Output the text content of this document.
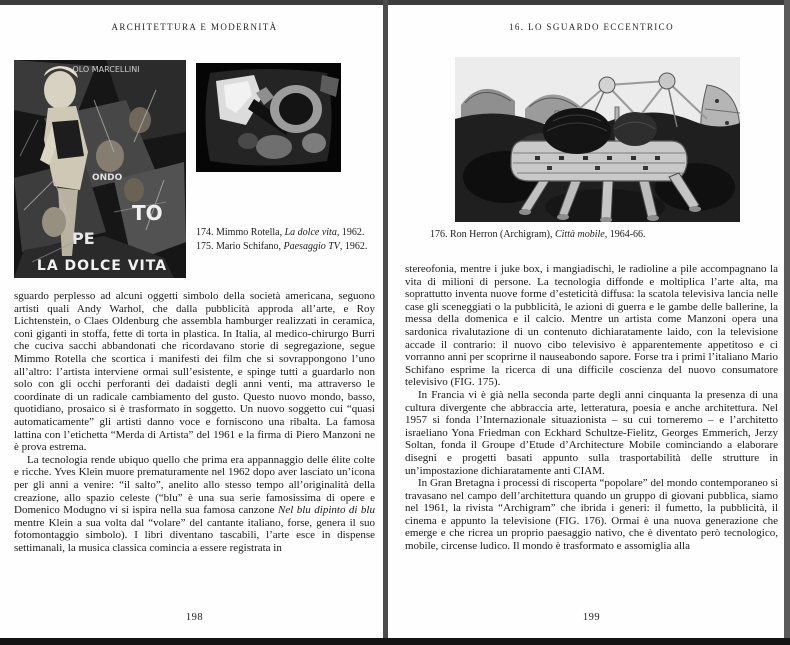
ARCHITETTURA E MODERNITÀ
OLO MARCELLINI
ONDO
TO
PE
LA DOLCE VITA

174. Mimmo Rotella, La dolce vita, 1962.

175. Mario Schifano, Paesaggio TV, 1962.

sguardo perplesso ad alcuni oggetti simbolo della società americana, seguono artisti quali Andy Warhol, che dalla pubblicità approda all’arte, e Roy Lichtenstein, o Claes Oldenburg che assembla hamburger realizzati in ceramica, coni giganti in stoffa, fette di torta in plastica. In Italia, al medico-chirurgo Burri che cuciva sacchi abbandonati che ricordavano storie di segregazione, segue Mimmo Rotella che scortica i manifesti dei film che si sovrappongono l’uno all’altro: l’artista interviene ormai sull’esistente, e spinge tutti a guardarlo non solo con gli occhi perforanti dei dadaisti degli anni venti, ma attraverso le coordinate di un radicale cambiamento del gusto. Questo nuovo mondo, basso, quotidiano, prosaico si è trasformato in soggetto. Un nuovo soggetto cui “quasi automaticamente” gli artisti danno voce e forniscono una ribalta. La famosa lattina con l’etichetta “Merda di Artista” del 1961 e la firma di Piero Manzoni ne è prova estrema.

La tecnologia rende ubiquo quello che prima era appannaggio delle élite colte e ricche. Yves Klein muore prematuramente nel 1962 dopo aver lasciato un’icona per gli anni a venire: “il salto”, anelito allo stesso tempo all’originalità della creazione, allo spazio celeste (“blu” è una sua serie famosissima di opere e Domenico Modugno vi si ispira nella sua famosa canzone Nel blu dipinto di blu mentre Klein a sua volta dal “volare” del cantante italiano, forse, genera il suo fotomontaggio simbolo). I libri diventano tascabili, l’arte esce in dispense settimanali, la musica classica comincia a essere registrata in

198
16. LO SGUARDO ECCENTRICO

176. Ron Herron (Archigram), Città mobile, 1964-66.

stereofonia, mentre i juke box, i mangiadischi, le radioline a pile accompagnano la vita di milioni di persone. La tecnologia diffonde e moltiplica l’arte alta, ma soprattutto inventa nuove forme d’esteticità diffusa: la scatola televisiva lancia nelle case gli sceneggiati o la pubblicità, le azioni di guerra e le gambe delle ballerine, la messa della domenica e il calcio. Mentre un artista come Manzoni opera una sardonica rivalutazione di un contenuto dichiaratamente laido, con la televisione accade il contrario: il nuovo cibo televisivo è apparentemente appetitoso e ci vorranno anni per scoprirne il nauseabondo sapore. Forse tra i primi l’italiano Mario Schifano esprime la ricerca di una difficile coscienza del nuovo consumatore televisivo (FIG. 175).

In Francia vi è già nella seconda parte degli anni cinquanta la presenza di una cultura divergente che abbraccia arte, letteratura, poesia e anche architettura. Nel 1957 si fonda l’Internazionale situazionista – su cui torneremo – e l’architetto israeliano Yona Friedman con Eckhard Schultze-Fielitz, Georges Emmerich, Jerzy Soltan, fonda il Groupe d’Etude d’Architecture Mobile cominciando a elaborare disegni e progetti basati appunto sulla trasportabilità delle strutture in un’impostazione dichiaratamente anti CIAM.

In Gran Bretagna i processi di riscoperta “popolare” del mondo contemporaneo si travasano nel campo dell’architettura quando un gruppo di giovani pubblica, siamo nel 1961, la rivista “Archigram” che ibrida i generi: il fumetto, la pubblicità, il cinema e appunto la televisione (FIG. 176). Ormai è una nuova generazione che emerge e che ricrea un proprio paesaggio nativo, che è diventato però tecnologico, mobile, circense ludico. Il mondo è trasformato e assomiglia alla

199
